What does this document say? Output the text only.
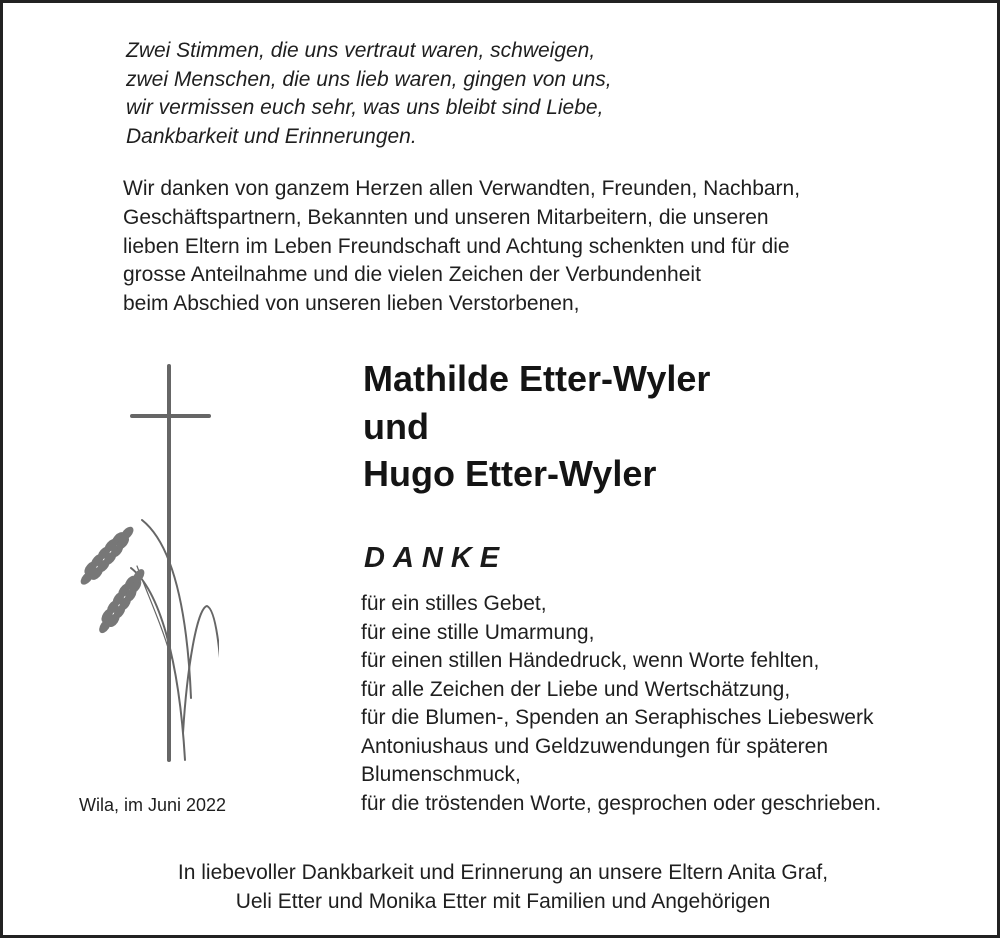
Zwei Stimmen, die uns vertraut waren, schweigen,
zwei Menschen, die uns lieb waren, gingen von uns,
wir vermissen euch sehr, was uns bleibt sind Liebe,
Dankbarkeit und Erinnerungen.
Wir danken von ganzem Herzen allen Verwandten, Freunden, Nachbarn,
Geschäftspartnern, Bekannten und unseren Mitarbeitern, die unseren
lieben Eltern im Leben Freundschaft und Achtung schenkten und für die
grosse Anteilnahme und die vielen Zeichen der Verbundenheit
beim Abschied von unseren lieben Verstorbenen,
Mathilde Etter-Wyler
und
Hugo Etter-Wyler
DANKE
für ein stilles Gebet,
für eine stille Umarmung,
für einen stillen Händedruck, wenn Worte fehlten,
für alle Zeichen der Liebe und Wertschätzung,
für die Blumen-, Spenden an Seraphisches Liebeswerk
Antoniushaus und Geldzuwendungen für späteren
Blumenschmuck,
für die tröstenden Worte, gesprochen oder geschrieben.
Wila, im Juni 2022
In liebevoller Dankbarkeit und Erinnerung an unsere Eltern Anita Graf,
Ueli Etter und Monika Etter mit Familien und Angehörigen
